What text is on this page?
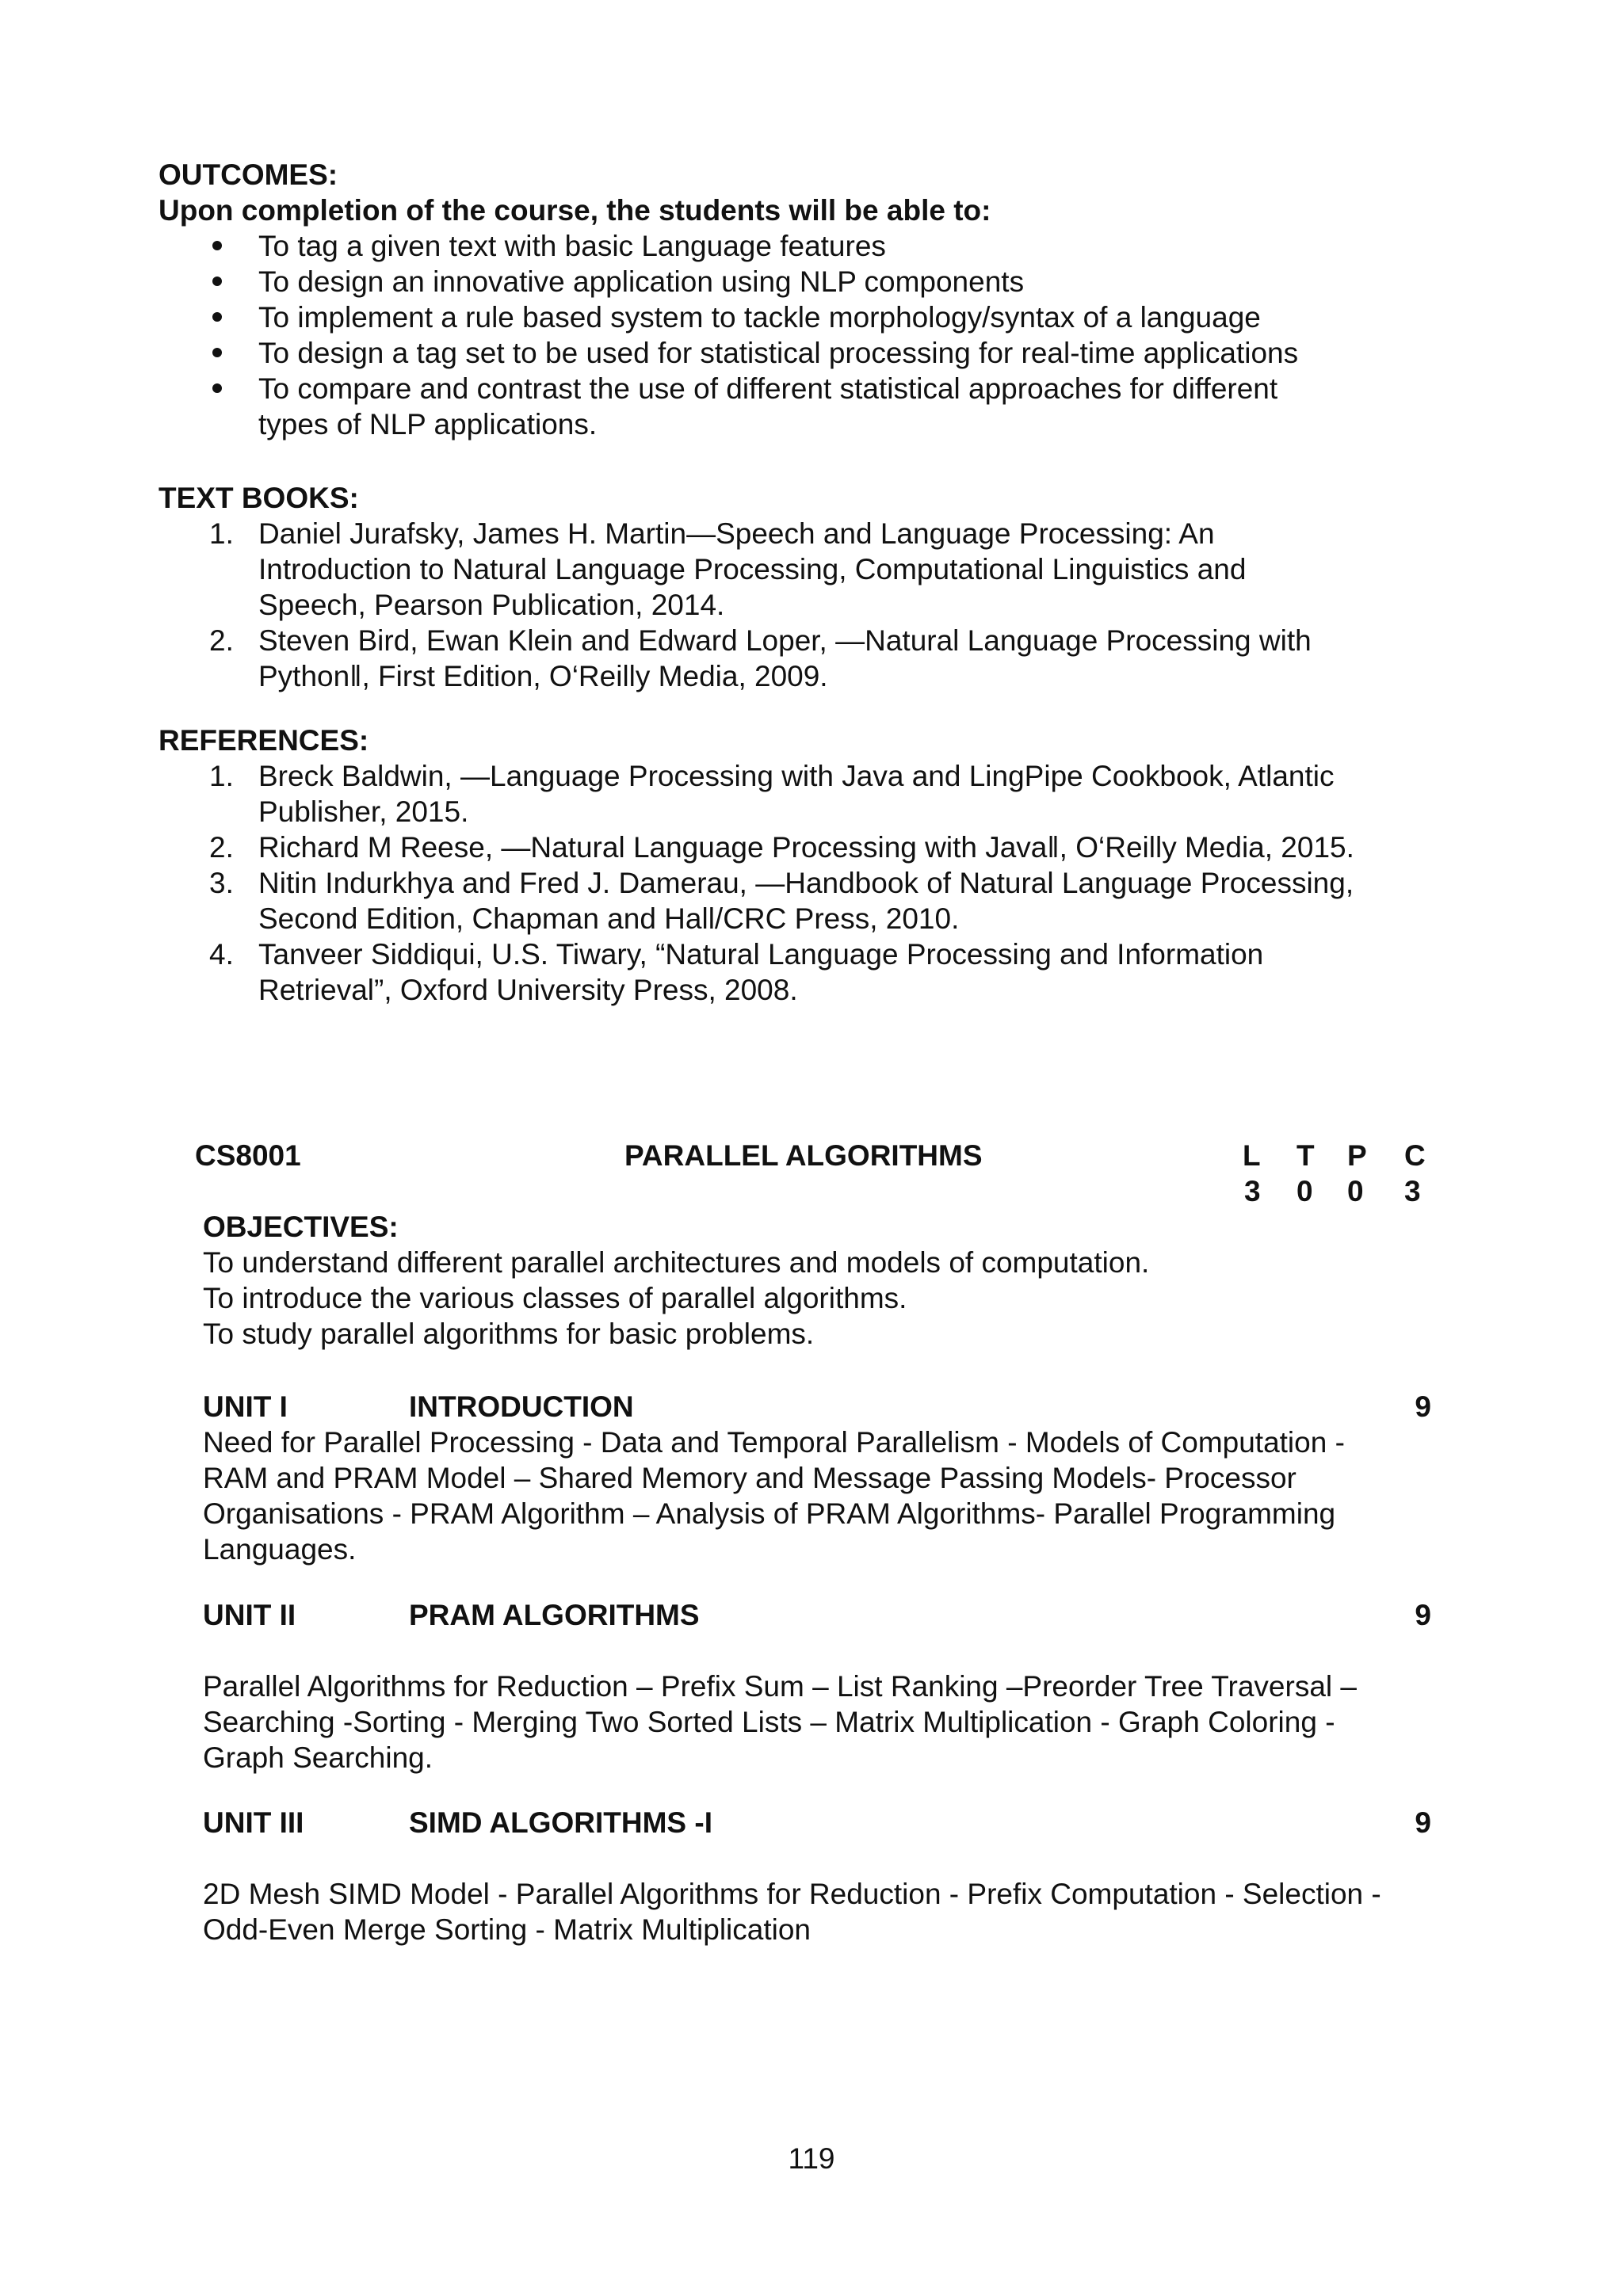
OUTCOMES:
Upon completion of the course, the students will be able to:
To tag a given text with basic Language features
To design an innovative application using NLP components
To implement a rule based system to tackle morphology/syntax of a language
To design a tag set to be used for statistical processing for real-time applications
To compare and contrast the use of different statistical approaches for different
types of NLP applications.
TEXT BOOKS:
1. Daniel Jurafsky, James H. Martin―Speech and Language Processing: An
Introduction to Natural Language Processing, Computational Linguistics and
Speech, Pearson Publication, 2014.
2. Steven Bird, Ewan Klein and Edward Loper, ―Natural Language Processing with
Python‖, First Edition, O‘Reilly Media, 2009.
REFERENCES:
1. Breck Baldwin, ―Language Processing with Java and LingPipe Cookbook, Atlantic
Publisher, 2015.
2. Richard M Reese, ―Natural Language Processing with Java‖, O‘Reilly Media, 2015.
3. Nitin Indurkhya and Fred J. Damerau, ―Handbook of Natural Language Processing,
Second Edition, Chapman and Hall/CRC Press, 2010.
4. Tanveer Siddiqui, U.S. Tiwary, “Natural Language Processing and Information
Retrieval”, Oxford University Press, 2008.
CS8001	PARALLEL ALGORITHMS	L T P C
3 0 0 3
OBJECTIVES:
To understand different parallel architectures and models of computation.
To introduce the various classes of parallel algorithms.
To study parallel algorithms for basic problems.
UNIT I	INTRODUCTION	9
Need for Parallel Processing - Data and Temporal Parallelism - Models of Computation -
RAM and PRAM Model – Shared Memory and Message Passing Models- Processor
Organisations - PRAM Algorithm – Analysis of PRAM Algorithms- Parallel Programming
Languages.
UNIT II	PRAM ALGORITHMS	9
Parallel Algorithms for Reduction – Prefix Sum – List Ranking –Preorder Tree Traversal –
Searching -Sorting - Merging Two Sorted Lists – Matrix Multiplication - Graph Coloring -
Graph Searching.
UNIT III	SIMD ALGORITHMS -I	9
2D Mesh SIMD Model - Parallel Algorithms for Reduction - Prefix Computation - Selection -
Odd-Even Merge Sorting - Matrix Multiplication
119
